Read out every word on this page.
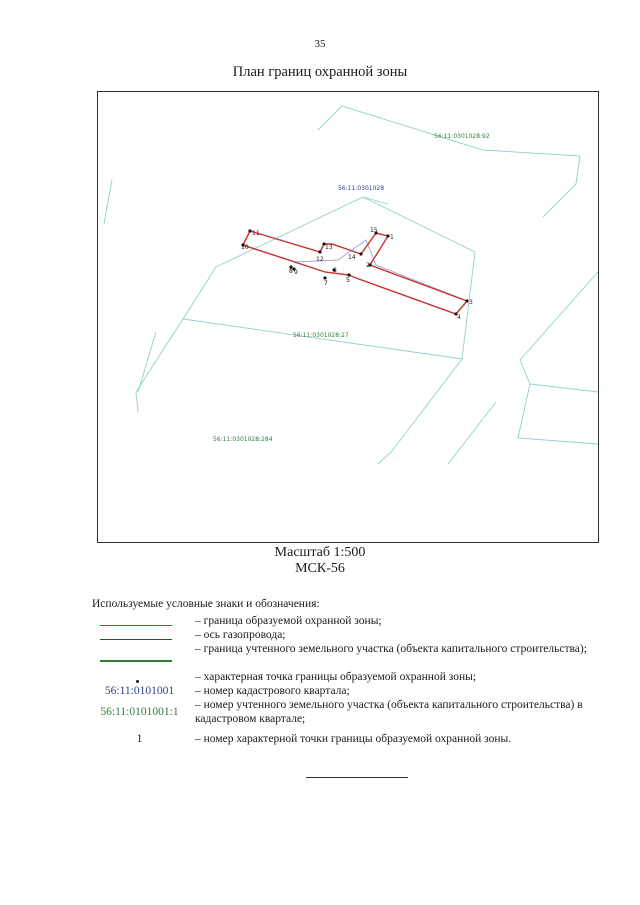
35
План границ охранной зоны
1
2
3
4
5
6
7
8 9
10
11
12
13
14
15
56:11:0301028:92
56:11:0301028
56:11:0301028:27
56:11:0301028:284
Масштаб 1:500
МСК-56
Используемые условные знаки и обозначения:
– граница образуемой охранной зоны;
– ось газопровода;
– граница учтенного земельного участка (объекта капитального строительства);
– характерная точка границы образуемой охранной зоны;
56:11:0101001	– номер кадастрового квартала;
56:11:0101001:1
– номер учтенного земельного участка (объекта капитального строительства) в кадастровом квартале;
1	– номер характерной точки границы образуемой охранной зоны.
